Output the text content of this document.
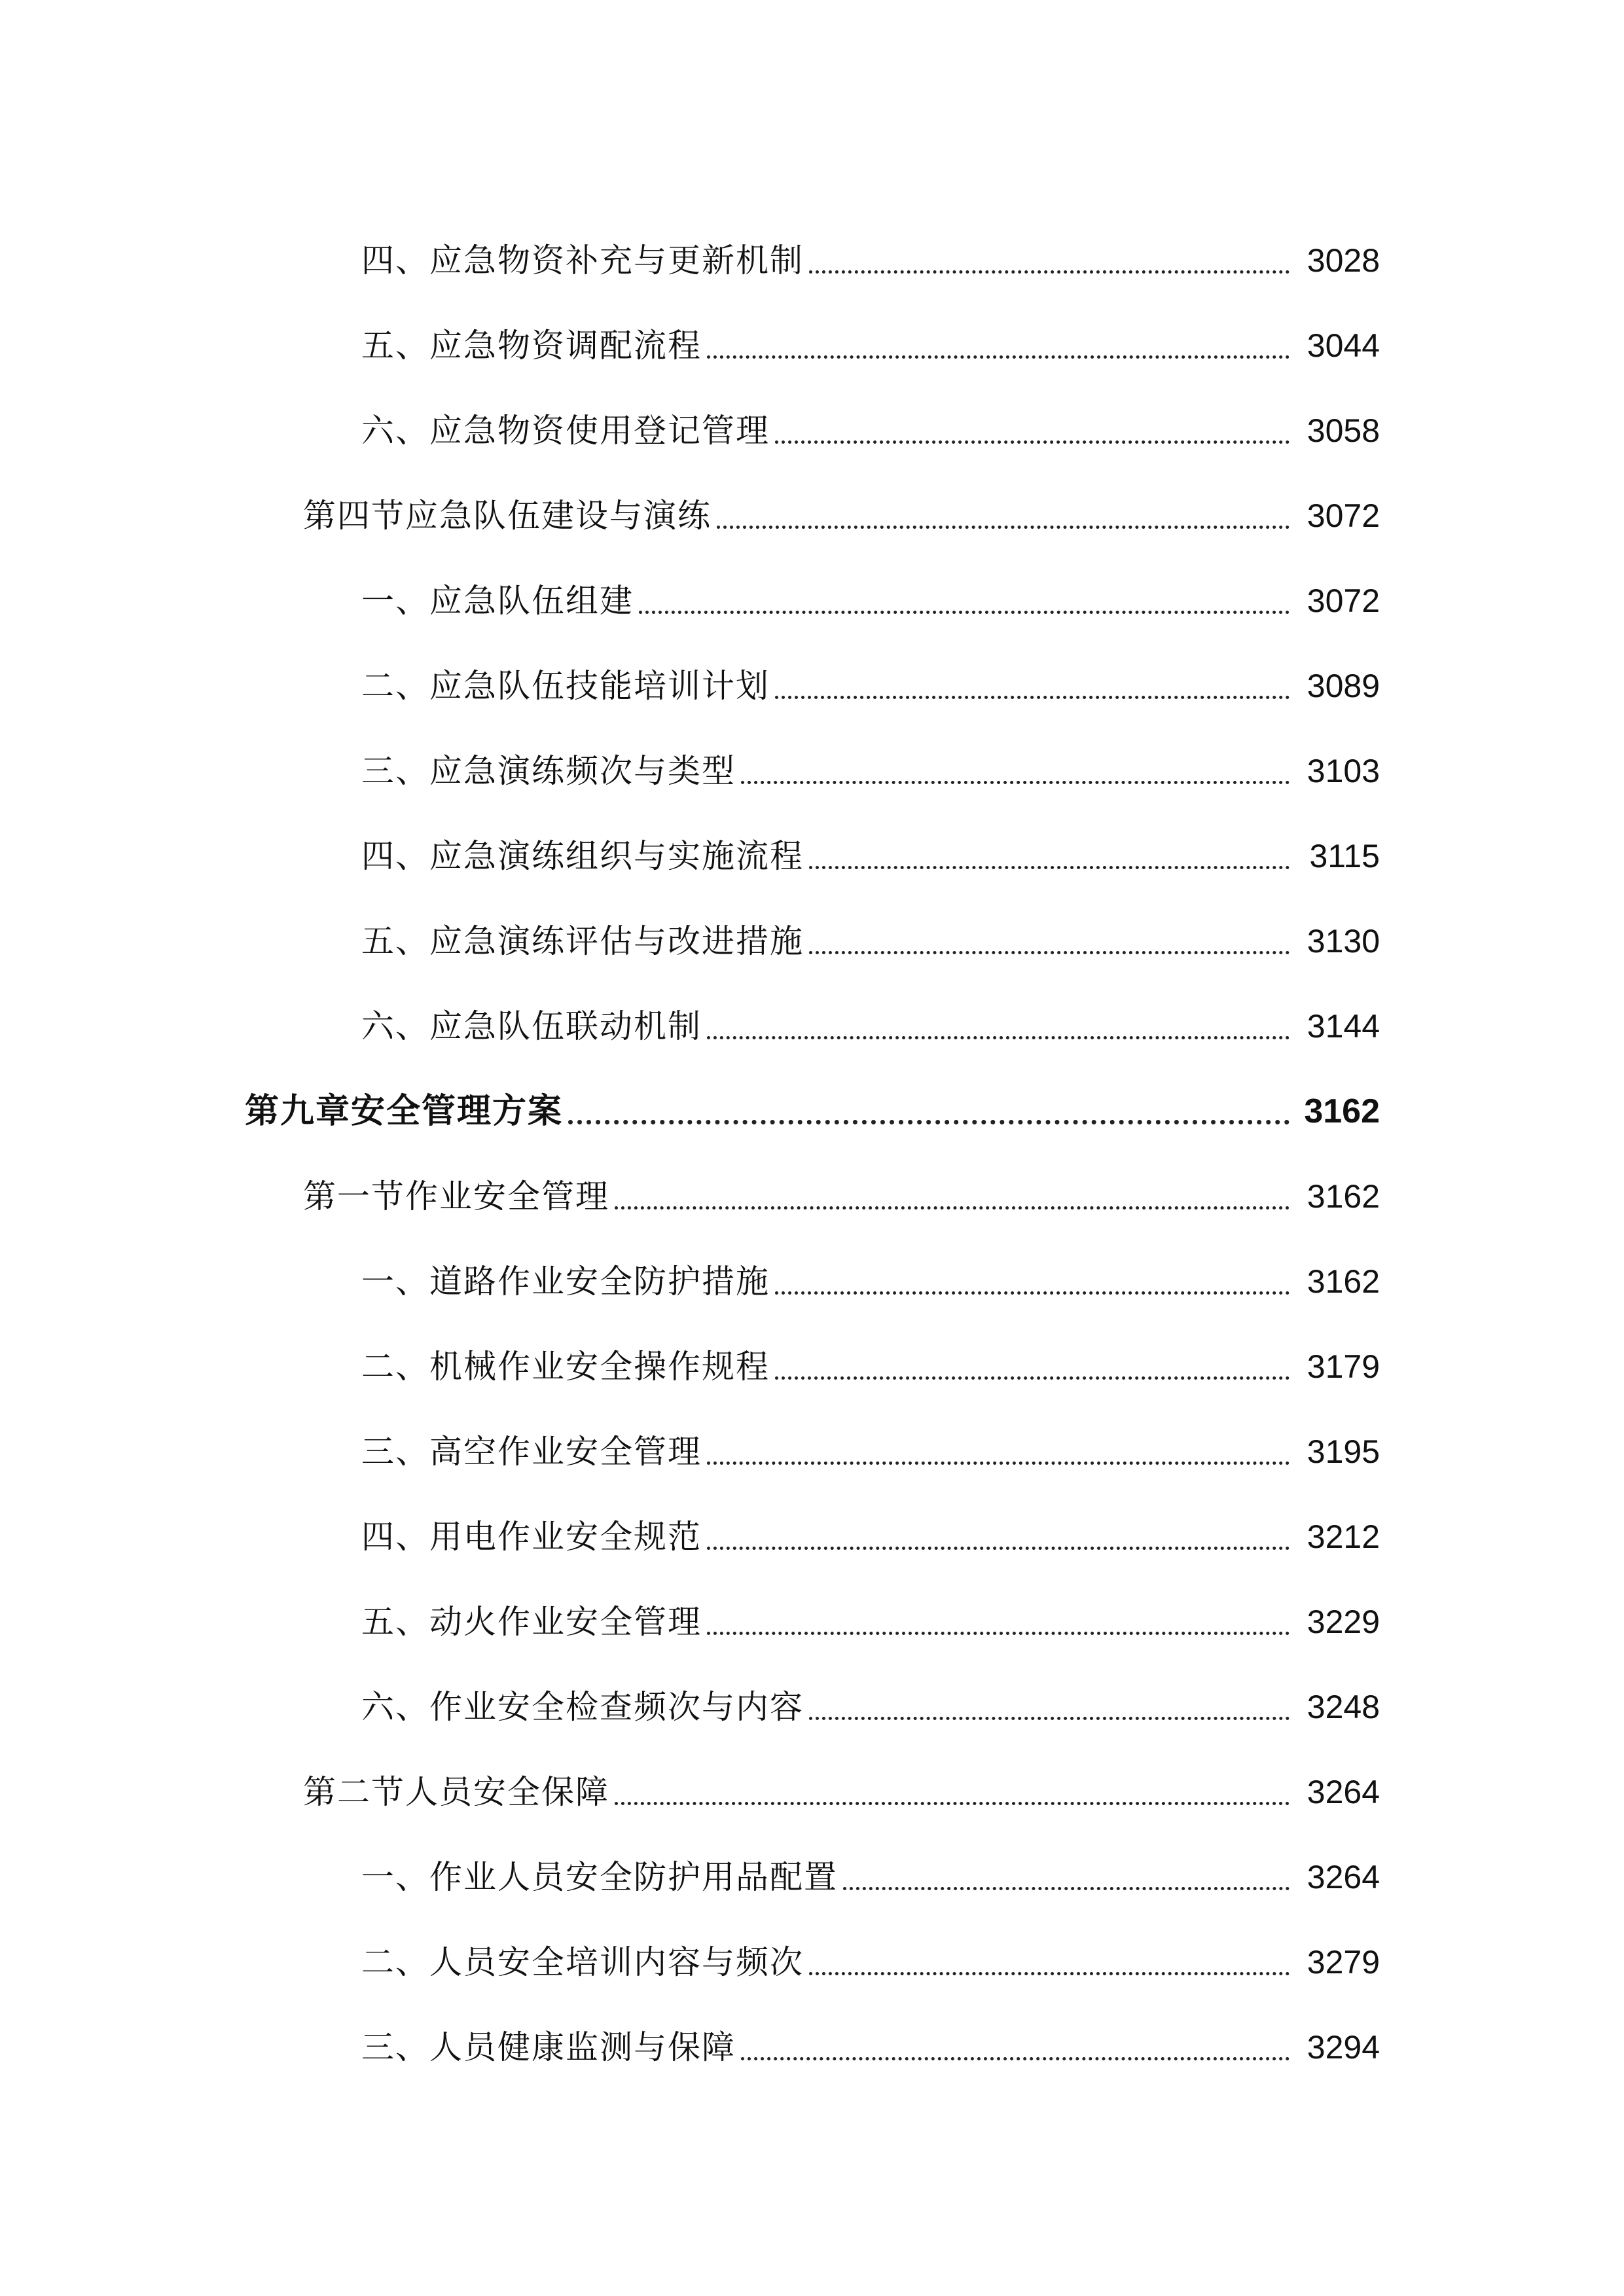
四、应急物资补充与更新机制	3028
五、应急物资调配流程	3044
六、应急物资使用登记管理	3058
第四节应急队伍建设与演练	3072
一、应急队伍组建	3072
二、应急队伍技能培训计划	3089
三、应急演练频次与类型	3103
四、应急演练组织与实施流程	3115
五、应急演练评估与改进措施	3130
六、应急队伍联动机制	3144
第九章安全管理方案	3162
第一节作业安全管理	3162
一、道路作业安全防护措施	3162
二、机械作业安全操作规程	3179
三、高空作业安全管理	3195
四、用电作业安全规范	3212
五、动火作业安全管理	3229
六、作业安全检查频次与内容	3248
第二节人员安全保障	3264
一、作业人员安全防护用品配置	3264
二、人员安全培训内容与频次	3279
三、人员健康监测与保障	3294
